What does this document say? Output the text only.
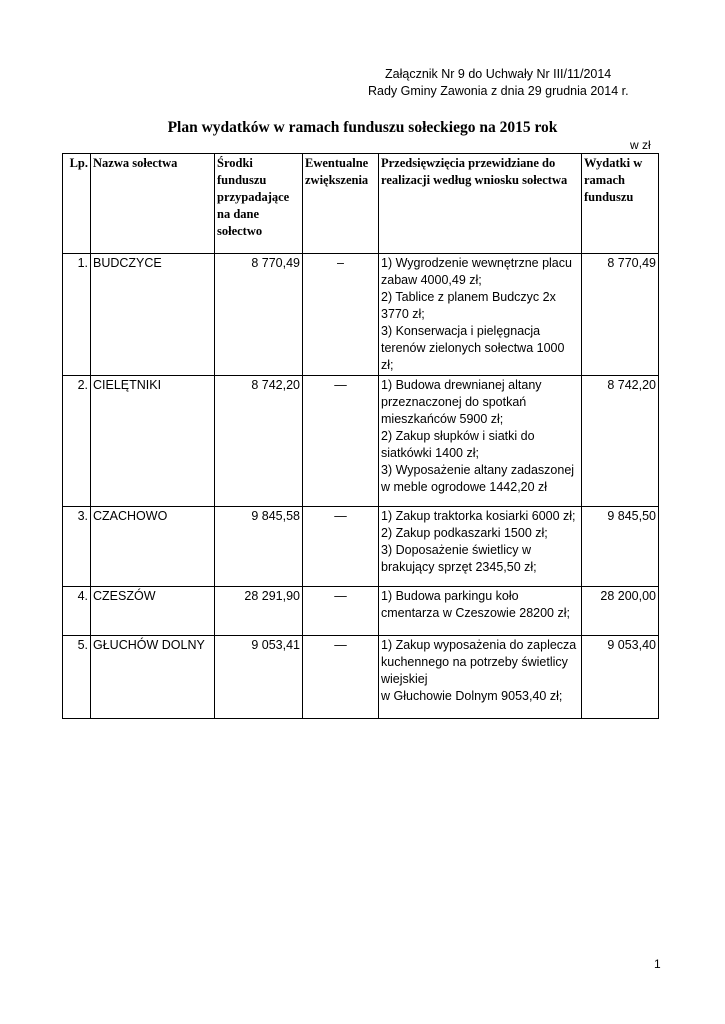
Załącznik Nr 9 do Uchwały Nr III/11/2014
Rady Gminy Zawonia z dnia 29 grudnia 2014 r.
Plan wydatków w ramach funduszu sołeckiego na 2015 rok
w zł
Lp.	Nazwa sołectwa	Środki funduszu przypadające na dane sołectwo	Ewentualne zwiększenia	Przedsięwzięcia przewidziane do realizacji według wniosku sołectwa	Wydatki w ramach funduszu
1.	BUDCZYCE	8 770,49	–	1) Wygrodzenie wewnętrzne placu zabaw 4000,49 zł;
2) Tablice z planem Budczyc 2x 3770 zł;
3) Konserwacja i pielęgnacja terenów zielonych sołectwa 1000 zł;	8 770,49
2.	CIELĘTNIKI	8 742,20	—	1) Budowa drewnianej altany przeznaczonej do spotkań mieszkańców 5900 zł;
2) Zakup słupków i siatki do siatkówki 1400 zł;
3) Wyposażenie altany zadaszonej w meble ogrodowe 1442,20 zł	8 742,20
3.	CZACHOWO	9 845,58	—	1) Zakup traktorka kosiarki 6000 zł;
2) Zakup podkaszarki 1500 zł;
3) Doposażenie świetlicy w brakujący sprzęt 2345,50 zł;	9 845,50
4.	CZESZÓW	28 291,90	—	1) Budowa parkingu koło cmentarza w Czeszowie 28200 zł;	28 200,00
5.	GŁUCHÓW DOLNY	9 053,41	—	1) Zakup wyposażenia do zaplecza kuchennego na potrzeby świetlicy wiejskiej
w Głuchowie Dolnym 9053,40 zł;	9 053,40
1
